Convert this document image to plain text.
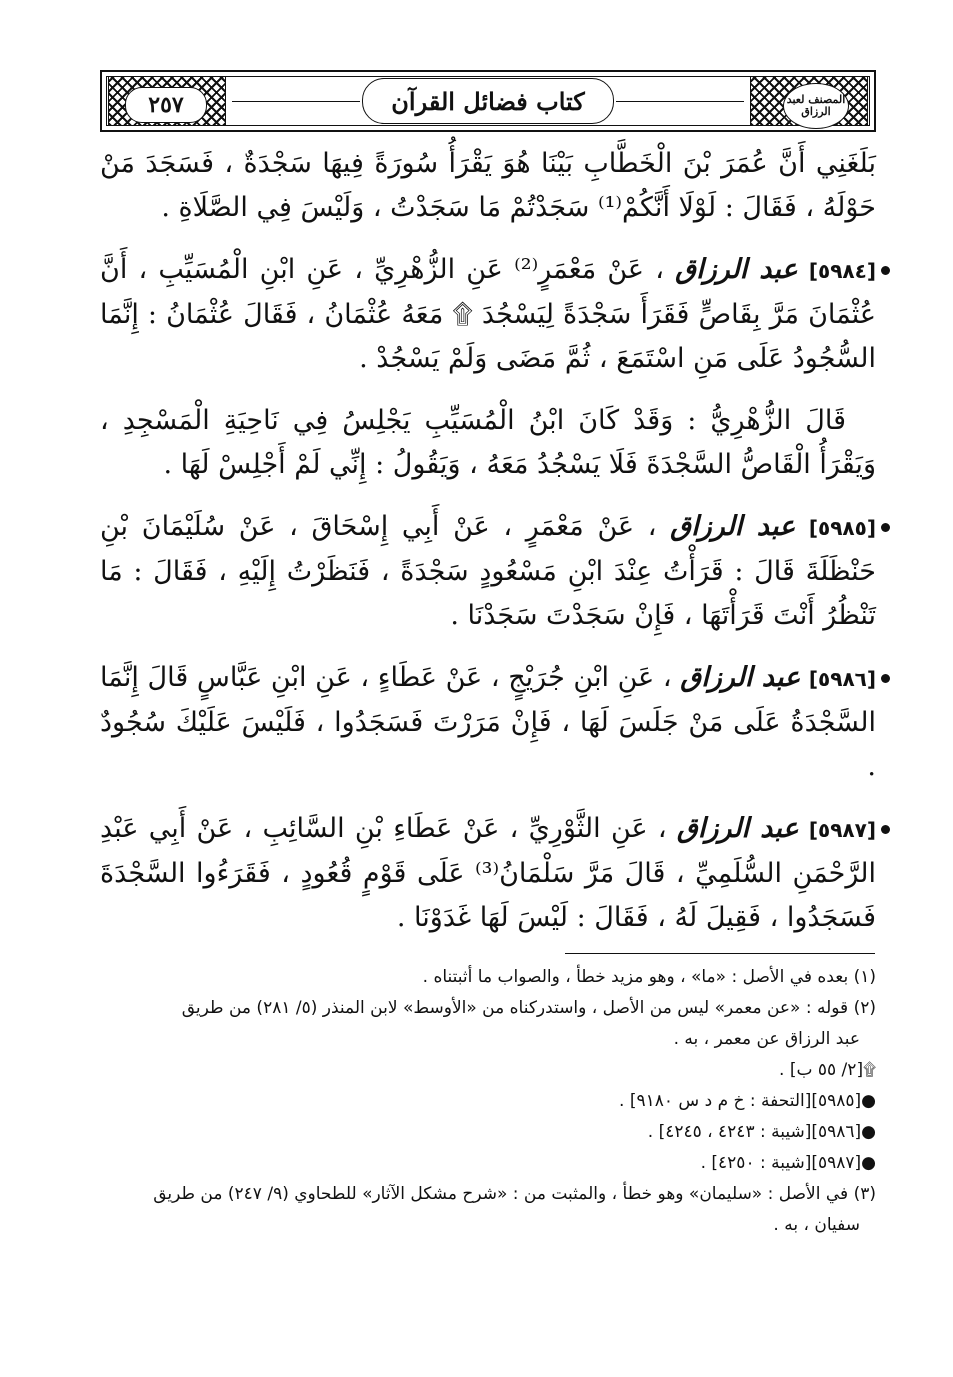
٢٥٧	كتاب فضائل القرآن	المصنف لعبد الرزاق

بَلَغَنِي أَنَّ عُمَرَ بْنَ الْخَطَّابِ بَيْنَا هُوَ يَقْرَأُ سُورَةً فِيهَا سَجْدَةٌ ، فَسَجَدَ مَنْ حَوْلَهُ ، فَقَالَ : لَوْلَا أَنَّكُمْ⁽¹⁾ سَجَدْتُمْ مَا سَجَدْتُ ، وَلَيْسَ فِي الصَّلَاةِ .

[٥٩٨٤] عبد الرزاق ، عَنْ مَعْمَرٍ⁽²⁾ عَنِ الزُّهْرِيِّ ، عَنِ ابْنِ الْمُسَيِّبِ ، أَنَّ عُثْمَانَ مَرَّ بِقَاصٍّ فَقَرَأَ سَجْدَةً لِيَسْجُدَ ۩ مَعَهُ عُثْمَانُ ، فَقَالَ عُثْمَانُ : إِنَّمَا السُّجُودُ عَلَى مَنِ اسْتَمَعَ ، ثُمَّ مَضَى وَلَمْ يَسْجُدْ .

قَالَ الزُّهْرِيُّ : وَقَدْ كَانَ ابْنُ الْمُسَيِّبِ يَجْلِسُ فِي نَاحِيَةِ الْمَسْجِدِ ، وَيَقْرَأُ الْقَاصُّ السَّجْدَةَ فَلَا يَسْجُدُ مَعَهُ ، وَيَقُولُ : إِنِّي لَمْ أَجْلِسْ لَهَا .

[٥٩٨٥] عبد الرزاق ، عَنْ مَعْمَرٍ ، عَنْ أَبِي إِسْحَاقَ ، عَنْ سُلَيْمَانَ بْنِ حَنْظَلَةَ قَالَ : قَرَأْتُ عِنْدَ ابْنِ مَسْعُودٍ سَجْدَةً ، فَنَظَرْتُ إِلَيْهِ ، فَقَالَ : مَا تَنْظُرُ أَنْتَ قَرَأْتَهَا ، فَإِنْ سَجَدْتَ سَجَدْنَا .

[٥٩٨٦] عبد الرزاق ، عَنِ ابْنِ جُرَيْجٍ ، عَنْ عَطَاءٍ ، عَنِ ابْنِ عَبَّاسٍ قَالَ إِنَّمَا السَّجْدَةُ عَلَى مَنْ جَلَسَ لَهَا ، فَإِنْ مَرَرْتَ فَسَجَدُوا ، فَلَيْسَ عَلَيْكَ سُجُودٌ .

[٥٩٨٧] عبد الرزاق ، عَنِ الثَّوْرِيِّ ، عَنْ عَطَاءِ بْنِ السَّائِبِ ، عَنْ أَبِي عَبْدِ الرَّحْمَنِ السُّلَمِيِّ ، قَالَ مَرَّ سَلْمَانُ⁽³⁾ عَلَى قَوْمٍ قُعُودٍ ، فَقَرَءُوا السَّجْدَةَ فَسَجَدُوا ، فَقِيلَ لَهُ ، فَقَالَ : لَيْسَ لَهَا غَدَوْنَا .

(١) بعده في الأصل : «ما» ، وهو مزيد خطأ ، والصواب ما أثبتناه .

(٢) قوله : «عن معمر» ليس من الأصل ، واستدركناه من «الأوسط» لابن المنذر (٥/ ٢٨١) من طريق

عبد الرزاق عن معمر ، به .

۩[٢/ ٥٥ ب] .

●[٥٩٨٥][التحفة : خ م د س ٩١٨٠] .

●[٥٩٨٦][شيبة : ٤٢٤٣ ، ٤٢٤٥] .

●[٥٩٨٧][شيبة : ٤٢٥٠] .

(٣) في الأصل : «سليمان» وهو خطأ ، والمثبت من : «شرح مشكل الآثار» للطحاوي (٩/ ٢٤٧) من طريق

سفيان ، به .
